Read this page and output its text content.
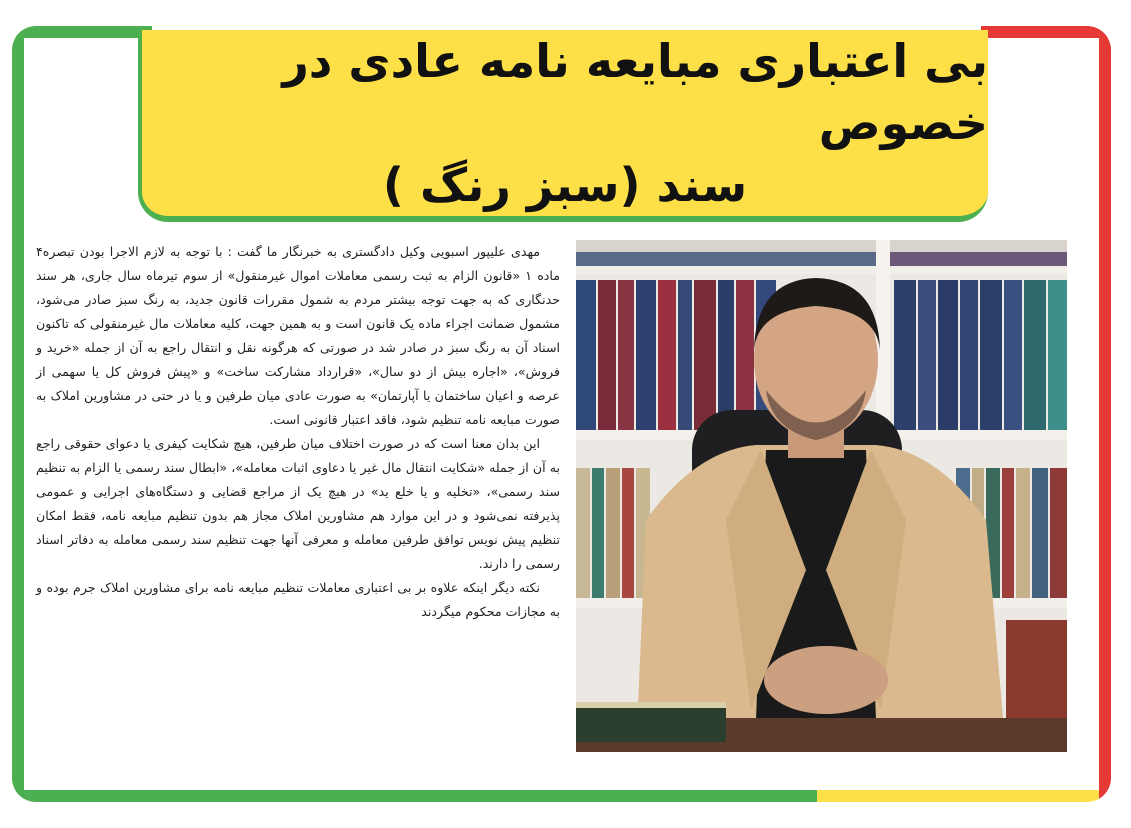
بی اعتباری مبایعه نامه عادی در خصوص
سند (سبز رنگ )

مهدی علیپور اسبویی وکیل دادگستری به خبرنگار ما گفت : با توجه به لازم الاجرا بودن تبصره۴ ماده ۱ «قانون الزام به ثبت رسمی معاملات اموال غیرمنقول» از سوم تیرماه سال جاری، هر سند حدنگاری که به جهت توجه بیشتر مردم به شمول مقررات قانون جدید، به رنگ سبز صادر می‌شود، مشمول ضمانت اجراء ماده یک قانون است و به همین جهت، کلیه معاملات مال غیرمنقولی که تاکنون اسناد آن به رنگ سبز در صادر شد در صورتی که هرگونه نقل و انتقال راجع به آن از جمله «خرید و فروش»، «اجاره بیش از دو سال»، «قرارداد مشارکت ساخت» و «پیش فروش کل یا سهمی از عرصه و اعیان ساختمان یا آپارتمان» به صورت عادی میان طرفین و یا در حتی در مشاورین املاک به صورت مبایعه نامه تنظیم شود، فاقد اعتبار قانونی است.

این بدان معنا است که در صورت اختلاف میان طرفین، هیچ شکایت کیفری یا دعوای حقوقی راجع به آن از جمله «شکایت انتقال مال غیر یا دعاوی اثبات معامله»، «ابطال سند رسمی یا الزام به تنظیم سند رسمی»، «تخلیه و یا خلع ید» در هیچ یک از مراجع قضایی و دستگاه‌های اجرایی و عمومی پذیرفته نمی‌شود و در این موارد هم مشاورین املاک مجاز هم بدون تنظیم مبایعه نامه، فقط امکان تنظیم پیش نویس توافق طرفین معامله و معرفی آنها جهت تنظیم سند رسمی معامله به دفاتر اسناد رسمی را دارند.

نکته دیگر اینکه علاوه بر بی اعتباری معاملات تنظیم مبایعه نامه برای مشاورین املاک جرم بوده و به مجازات محکوم میگردند
